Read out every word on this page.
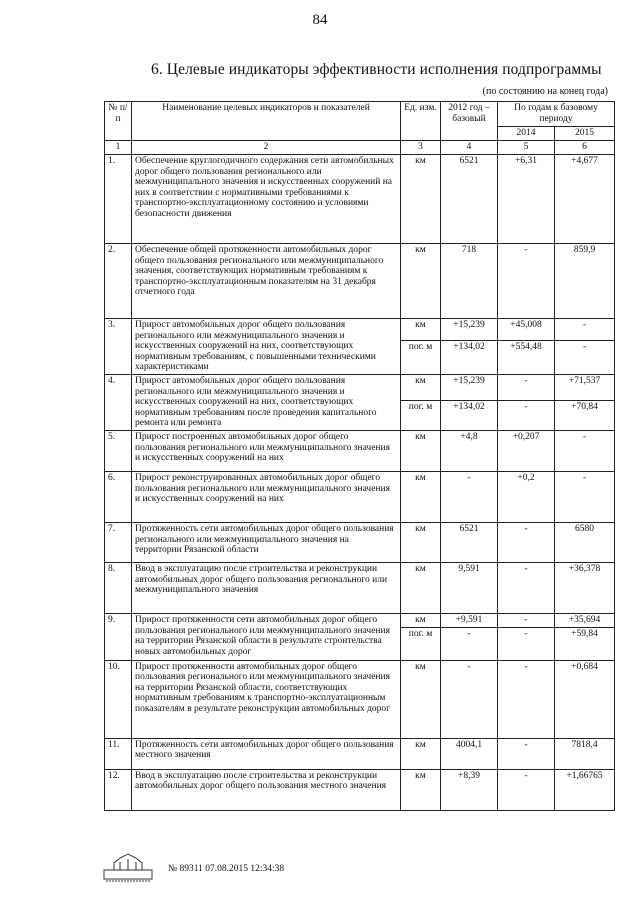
84
6. Целевые индикаторы эффективности исполнения подпрограммы
(по состоянию на конец года)
№ п/п	Наименование целевых индикаторов и показателей	Ед. изм.	2012 год – базовый	По годам к базовому периоду	
				2014	2015
1	2	3	4	5	6
1.	Обеспечение круглогодичного содержания сети автомобильных дорог общего пользования регионального или межмуниципального значения и искусственных сооружений на них в соответствии с нормативными требованиями к транспортно-эксплуатационному состоянию и условиями безопасности движения	км	6521	+6,31	+4,677
2.	Обеспечение общей протяженности автомобильных дорог общего пользования регионального или межмуниципального значения, соответствующих нормативным требованиям к транспортно-эксплуатационным показателям на 31 декабря отчетного года	км	718	-	859,9
3.	Прирост автомобильных дорог общего пользования регионального или межмуниципального значения и искусственных сооружений на них, соответствующих нормативным требованиям, с повышенными техническими характеристиками	км	+15,239	+45,008	-
		пог. м	+134,02	+554,48	-
4.	Прирост автомобильных дорог общего пользования регионального или межмуниципального значения и искусственных сооружений на них, соответствующих нормативным требованиям после проведения капитального ремонта или ремонта	км	+15,239	-	+71,537
		пог. м	+134,02	-	+70,84
5.	Прирост построенных автомобильных дорог общего пользования регионального или межмуниципального значения и искусственных сооружений на них	км	+4,8	+0,207	-
6.	Прирост реконструированных автомобильных дорог общего пользования регионального или межмуниципального значения и искусственных сооружений на них	км	-	+0,2	-
7.	Протяженность сети автомобильных дорог общего пользования регионального или межмуниципального значения на территории Рязанской области	км	6521	-	6580
8.	Ввод в эксплуатацию после строительства и реконструкции автомобильных дорог общего пользования регионального или межмуниципального значения	км	9,591	-	+36,378
9.	Прирост протяженности сети автомобильных дорог общего пользования регионального или межмуниципального значения на территории Рязанской области в результате строительства новых автомобильных дорог	км	+9,591	-	+35,694
		пог. м	-	-	+59,84
10.	Прирост протяженности автомобильных дорог общего пользования регионального или межмуниципального значения на территории Рязанской области, соответствующих нормативным требованиям к транспортно-эксплуатационным показателям в результате реконструкции автомобильных дорог	км	-	-	+0,684
11.	Протяженность сети автомобильных дорог общего пользования местного значения	км	4004,1	-	7818,4
12.	Ввод в эксплуатацию после строительства и реконструкции автомобильных дорог общего пользования местного значения	км	+8,39	-	+1,66765
№ 89311 07.08.2015 12:34:38
